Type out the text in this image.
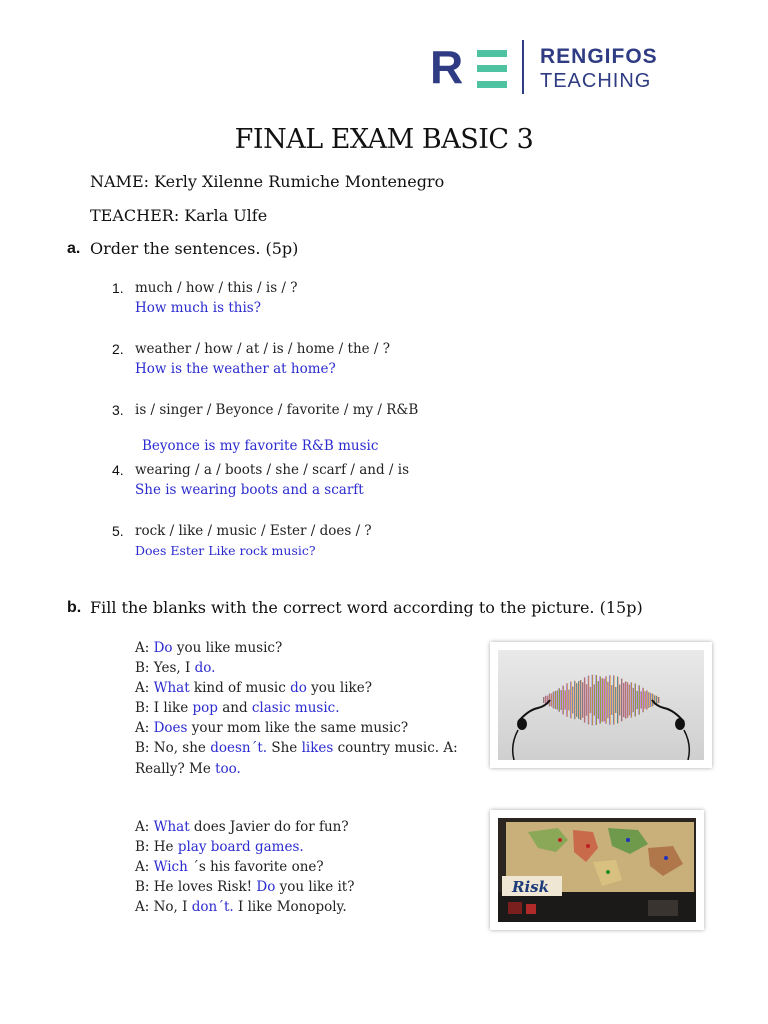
R	RENGIFOS
TEACHING
FINAL EXAM BASIC 3
NAME: Kerly Xilenne Rumiche Montenegro
TEACHER: Karla Ulfe
a. Order the sentences. (5p)
1. much / how / this / is / ?
How much is this?
2. weather / how / at / is / home / the / ?
How is the weather at home?
3. is / singer / Beyonce / favorite / my / R&B
Beyonce is my favorite R&B music
4. wearing / a / boots / she / scarf / and / is
She is wearing boots and a scarft
5. rock / like / music / Ester / does / ?
Does Ester Like rock music?
b. Fill the blanks with the correct word according to the picture. (15p)
A: Do you like music?
B: Yes, I do.
A: What kind of music do you like?
B: I like pop and clasic music.
A: Does your mom like the same music?
B: No, she doesn´t. She likes country music. A:
Really? Me too.
A: What does Javier do for fun?
B: He play board games.
A: Wich ´s his favorite one?
B: He loves Risk! Do you like it?
A: No, I don´t. I like Monopoly.
Risk
